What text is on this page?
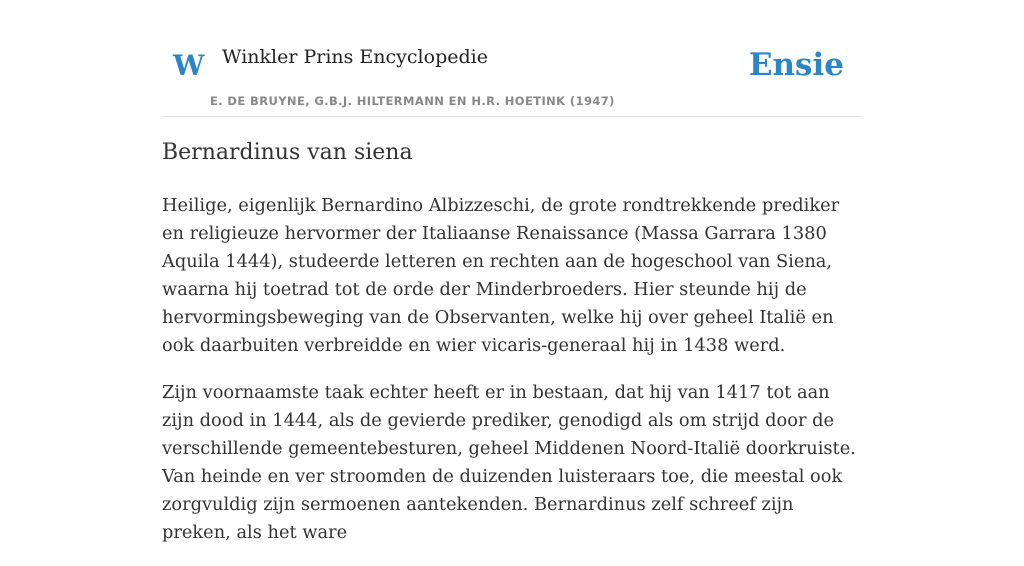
W Winkler Prins Encyclopedie
E. DE BRUYNE, G.B.J. HILTERMANN EN H.R. HOETINK (1947)
Ensie
Bernardinus van siena

Heilige, eigenlijk Bernardino Albizzeschi, de grote rondtrekkende prediker en religieuze hervormer der Italiaanse Renaissance (Massa Garrara 1380 Aquila 1444), studeerde letteren en rechten aan de hogeschool van Siena, waarna hij toetrad tot de orde der Minderbroeders. Hier steunde hij de hervormingsbeweging van de Observanten, welke hij over geheel Italië en ook daarbuiten verbreidde en wier vicaris-generaal hij in 1438 werd.

Zijn voornaamste taak echter heeft er in bestaan, dat hij van 1417 tot aan zijn dood in 1444, als de gevierde prediker, genodigd als om strijd door de verschillende gemeentebesturen, geheel Middenen Noord-Italië doorkruiste. Van heinde en ver stroomden de duizenden luisteraars toe, die meestal ook zorgvuldig zijn sermoenen aantekenden. Bernardinus zelf schreef zijn preken, als het ware
